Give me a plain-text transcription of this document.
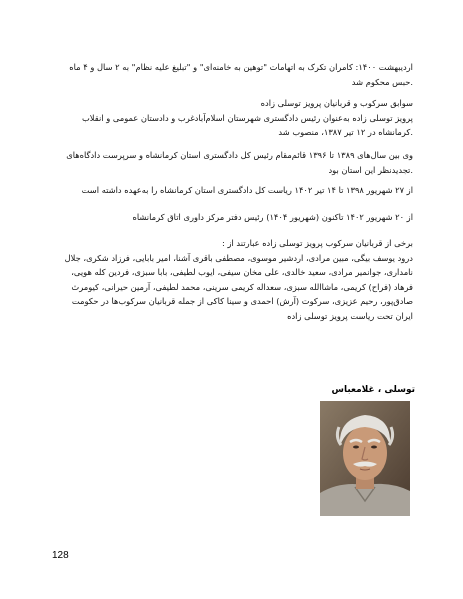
اردیبهشت ۱۴۰۰: کامران تکرک به اتهامات "توهین به خامنه‌ای" و "تبلیغ علیه نظام" به ۲ سال و ۴ ماه
.حبس محکوم شد
سوابق سرکوب و قربانیان پرویز توسلی زاده
پرویز توسلی زاده به‌عنوان رئیس دادگستری شهرستان اسلام‌آبادغرب و دادستان عمومی و انقلاب
.کرمانشاه در ۱۲ تیر ۱۳۸۷، منصوب شد
وی بین سال‌های ۱۳۸۹ تا ۱۳۹۶ قائم‌مقام رئیس کل دادگستری استان کرمانشاه و سرپرست دادگاه‌های
.تجدیدنظر این استان بود
از ۲۷ شهریور ۱۳۹۸ تا ۱۴ تیر ۱۴۰۲ ریاست کل دادگستری استان کرمانشاه را به‌عهده داشته است
از ۲۰ شهریور ۱۴۰۲ تاکنون (شهریور ۱۴۰۴) رئیس دفتر مرکز داوری اتاق کرمانشاه
برخی از قربانیان سرکوب پرویز توسلی زاده عبارتند از :
درود یوسف بیگی، مبین مرادی، اردشیر موسوی، مصطفی باقری آشنا، امیر بابایی، فرزاد شکری، جلال
نامداری، جوانمیر مرادی، سعید خالدی، علی مخان سیفی، ایوب لطیفی، بابا سبزی، فردین کله هویی،
فرهاد (فراح) کریمی، ماشاالله سبزی، سعداله کریمی سرینی، محمد لطیفی، آرمین حیرانی، کیومرث
صادق‌پور، رحیم عزیزی، سرکوت (آرش) احمدی و سینا کاکی از جمله قربانیان سرکوب‌ها در حکومت
ایران تحت ریاست پرویز توسلی زاده
توسلی ، غلامعباس
128
